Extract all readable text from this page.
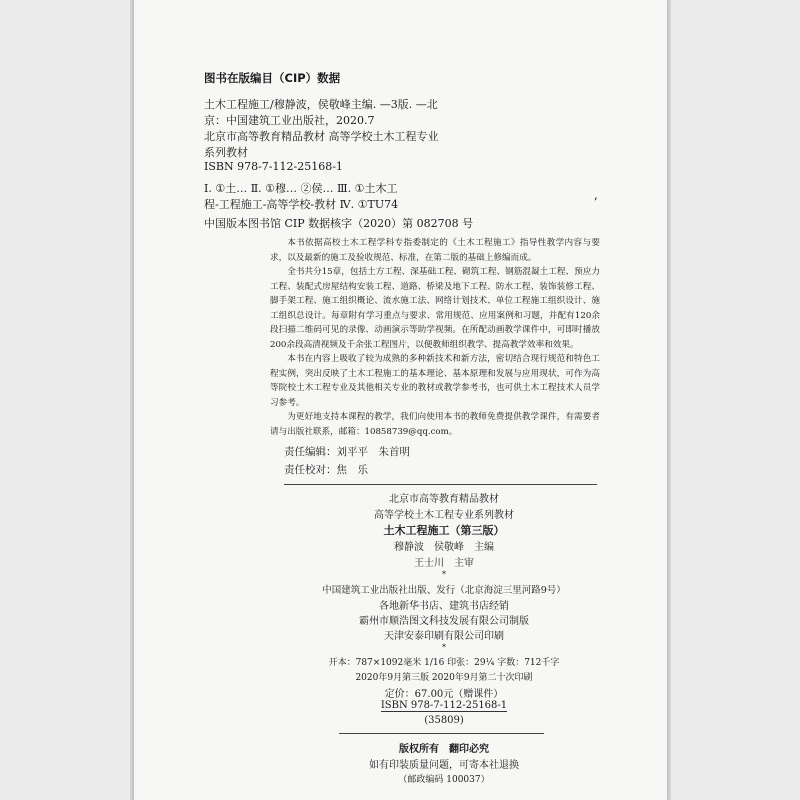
图书在版编目（CIP）数据
土木工程施工/穆静波，侯敬峰主编. —3版. —北
京：中国建筑工业出版社，2020.7
北京市高等教育精品教材 高等学校土木工程专业
系列教材
ISBN 978-7-112-25168-1
Ⅰ. ①土… Ⅱ. ①穆… ②侯… Ⅲ. ①土木工
程-工程施工-高等学校-教材 Ⅳ. ①TU74
中国版本图书馆 CIP 数据核字（2020）第 082708 号
,

本书依据高校土木工程学科专指委制定的《土木工程施工》指导性教学内容与要求，以及最新的施工及验收规范、标准，在第二版的基础上修编而成。

全书共分15章，包括土方工程、深基础工程、砌筑工程、钢筋混凝土工程、预应力工程、装配式房屋结构安装工程、道路、桥梁及地下工程、防水工程、装饰装修工程、脚手架工程、施工组织概论、流水施工法、网络计划技术、单位工程施工组织设计、施工组织总设计。每章附有学习重点与要求、常用规范、应用案例和习题，并配有120余段扫描二维码可见的录像、动画演示等助学视频。在所配动画教学课件中，可即时播放200余段高清视频及千余张工程图片，以便教师组织教学、提高教学效率和效果。

本书在内容上吸收了较为成熟的多种新技术和新方法，密切结合现行规范和特色工程实例，突出反映了土木工程施工的基本理论、基本原理和发展与应用现状，可作为高等院校土木工程专业及其他相关专业的教材或教学参考书，也可供土木工程技术人员学习参考。

为更好地支持本课程的教学，我们向使用本书的教师免费提供教学课件，有需要者请与出版社联系，邮箱：10858739@qq.com。

责任编辑：刘平平　朱首明
责任校对：焦　乐
北京市高等教育精品教材
高等学校土木工程专业系列教材
土木工程施工（第三版）
穆静波　侯敬峰　主编
王士川　主审
*
中国建筑工业出版社出版、发行（北京海淀三里河路9号）
各地新华书店、建筑书店经销
霸州市顺浩图文科技发展有限公司制版
天津安泰印刷有限公司印刷
*
开本：787×1092毫米 1/16 印张：29¼ 字数：712千字
2020年9月第三版 2020年9月第二十次印刷
定价：67.00元（赠课件）
ISBN 978-7-112-25168-1
(35809)
版权所有　翻印必究
如有印装质量问题，可寄本社退换
（邮政编码 100037）
